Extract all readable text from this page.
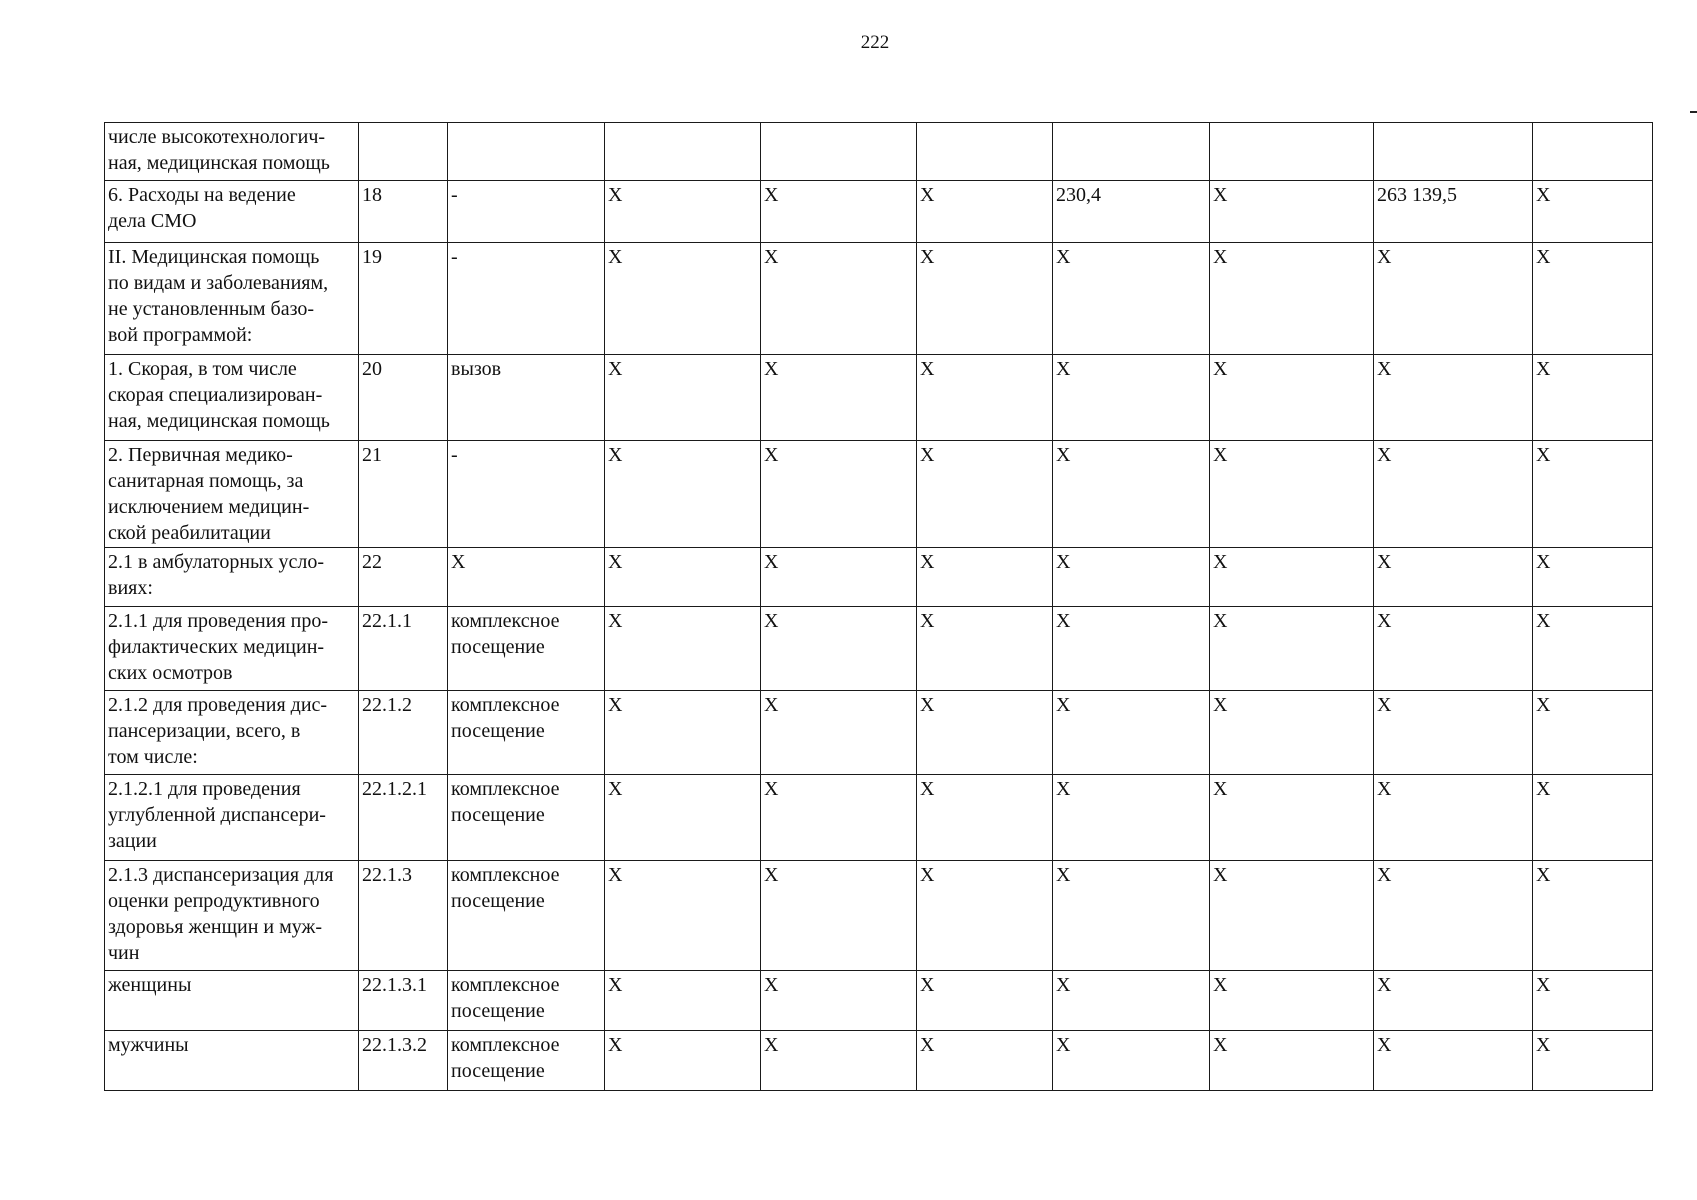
222
числе высокотехнологич-
ная, медицинская помощь									
6. Расходы на ведение
дела СМО	18	-	X	X	X	230,4	X	263 139,5	X
II. Медицинская помощь
по видам и заболеваниям,
не установленным базо-
вой программой:	19	-	X	X	X	X	X	X	X
1. Скорая, в том числе
скорая специализирован-
ная, медицинская помощь	20	вызов	X	X	X	X	X	X	X
2. Первичная медико-
санитарная помощь, за
исключением медицин-
ской реабилитации	21	-	X	X	X	X	X	X	X
2.1 в амбулаторных усло-
виях:	22	X	X	X	X	X	X	X	X
2.1.1 для проведения про-
филактических медицин-
ских осмотров	22.1.1	комплексное
посещение	X	X	X	X	X	X	X
2.1.2 для проведения дис-
пансеризации, всего, в
том числе:	22.1.2	комплексное
посещение	X	X	X	X	X	X	X
2.1.2.1 для проведения
углубленной диспансери-
зации	22.1.2.1	комплексное
посещение	X	X	X	X	X	X	X
2.1.3 диспансеризация для
оценки репродуктивного
здоровья женщин и муж-
чин	22.1.3	комплексное
посещение	X	X	X	X	X	X	X
женщины	22.1.3.1	комплексное
посещение	X	X	X	X	X	X	X
мужчины	22.1.3.2	комплексное
посещение	X	X	X	X	X	X	X
